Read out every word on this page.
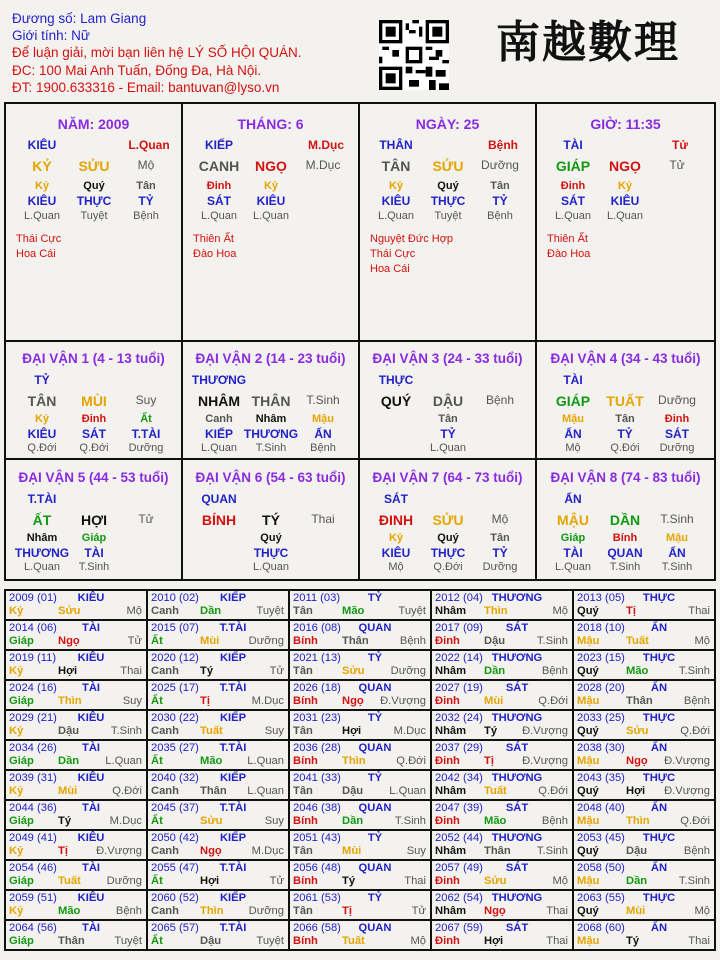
Đương số: Lam Giang
Giới tính: Nữ
Để luận giải, mời bạn liên hệ LÝ SỐ HỘI QUÁN.
ĐC: 100 Mai Anh Tuấn, Đống Đa, Hà Nội.
ĐT: 1900.633316 - Email: bantuvan@lyso.vn
南越數理
NĂM: 2009
KIÊU	L.Quan
KỶ	SỬU	Mộ
Kỷ
KIÊU
L.Quan
Quý
THỰC
Tuyệt
Tân
TỶ
Bệnh
Thái Cực
Hoa Cái
THÁNG: 6
KIẾP	M.Dục
CANH	NGỌ	M.Dục
Đinh
SÁT
L.Quan
Kỷ
KIÊU
L.Quan
Thiên Ất
Đào Hoa
NGÀY: 25
THÂN	Bệnh
TÂN	SỬU	Dưỡng
Kỷ
KIÊU
L.Quan
Quý
THỰC
Tuyệt
Tân
TỶ
Bệnh
Nguyệt Đức Hợp
Thái Cực
Hoa Cái
GIỜ: 11:35
TÀI	Tử
GIÁP	NGỌ	Tử
Đinh
SÁT
L.Quan
Kỷ
KIÊU
L.Quan
Thiên Ất
Đào Hoa
ĐẠI VẬN 1 (4 - 13 tuổi)
TỶ
TÂN	MÙI	Suy
Kỷ
KIÊU
Q.Đới
Đinh
SÁT
Q.Đới
Ất
T.TÀI
Dưỡng
ĐẠI VẬN 2 (14 - 23 tuổi)
THƯƠNG
NHÂM THÂN	T.Sinh
Canh
KIẾP
L.Quan
Nhâm
THƯƠNG
T.Sinh
Mậu
ẤN
Bệnh
ĐẠI VẬN 3 (24 - 33 tuổi)
THỰC
QUÝ	DẬU	Bệnh
Tân
TỶ
L.Quan
ĐẠI VẬN 4 (34 - 43 tuổi)
TÀI
GIÁP	TUẤT	Dưỡng
Mậu
ẤN
Mộ
Tân
TỶ
Q.Đới
Đinh
SÁT
Dưỡng
ĐẠI VẬN 5 (44 - 53 tuổi)
T.TÀI
ẤT	HỢI	Tử
Nhâm
THƯƠNG
L.Quan
Giáp
TÀI
T.Sinh
ĐẠI VẬN 6 (54 - 63 tuổi)
QUAN
BÍNH	TÝ	Thai
Quý
THỰC
L.Quan
ĐẠI VẬN 7 (64 - 73 tuổi)
SÁT
ĐINH	SỬU	Mộ
Kỷ
KIÊU
Mộ
Quý
THỰC
Q.Đới
Tân
TỶ
Dưỡng
ĐẠI VẬN 8 (74 - 83 tuổi)
ẤN
MẬU	DẦN	T.Sinh
Giáp
TÀI
L.Quan
Bính
QUAN
T.Sinh
Mậu
ẤN
T.Sinh
2009 (01)	KIÊU
Kỷ	Sửu	Mộ
2010 (02)	KIẾP
Canh Dần	Tuyệt
2011 (03)	TỶ
Tân	Mão	Tuyệt
2012 (04) THƯƠNG
Nhâm Thìn	Mộ
2013 (05)	THỰC
Quý Tị	Thai
2014 (06)	TÀI
Giáp Ngọ	Tử
2015 (07)	T.TÀI
Ất	Mùi	Dưỡng
2016 (08)	QUAN
Bính Thân	Bệnh
2017 (09)	SÁT
Đinh Dậu	T.Sinh
2018 (10)	ẤN
Mậu Tuất	Mộ
2019 (11)	KIÊU
Kỷ	Hợi	Thai
2020 (12)	KIẾP
Canh Tý	Tử
2021 (13)	TỶ
Tân	Sửu Dưỡng
2022 (14) THƯƠNG
Nhâm Dần	Bệnh
2023 (15)	THỰC
Quý Mão	T.Sinh
2024 (16)	TÀI
Giáp Thìn	Suy
2025 (17)	T.TÀI
Ất	Tị	M.Dục
2026 (18)	QUAN
Bính Ngọ Đ.Vượng
2027 (19)	SÁT
Đinh Mùi	Q.Đới
2028 (20)	ẤN
Mậu Thân	Bệnh
2029 (21)	KIÊU
Kỷ	Dậu	T.Sinh
2030 (22)	KIẾP
Canh Tuất	Suy
2031 (23)	TỶ
Tân	Hợi	M.Dục
2032 (24) THƯƠNG
Nhâm Tý Đ.Vượng
2033 (25)	THỰC
Quý Sửu	Q.Đới
2034 (26)	TÀI
Giáp Dần L.Quan
2035 (27)	T.TÀI
Ất	Mão L.Quan
2036 (28)	QUAN
Bính Thìn	Q.Đới
2037 (29)	SÁT
Đinh Tị	Đ.Vượng
2038 (30)	ẤN
Mậu Ngọ Đ.Vượng
2039 (31)	KIÊU
Kỷ	Mùi	Q.Đới
2040 (32)	KIẾP
Canh Thân L.Quan
2041 (33)	TỶ
Tân	Dậu L.Quan
2042 (34) THƯƠNG
Nhâm Tuất	Q.Đới
2043 (35)	THỰC
Quý Hợi Đ.Vượng
2044 (36)	TÀI
Giáp Tý	M.Dục
2045 (37)	T.TÀI
Ất	Sửu	Suy
2046 (38)	QUAN
Bính Dần	T.Sinh
2047 (39)	SÁT
Đinh Mão	Bệnh
2048 (40)	ẤN
Mậu Thìn	Q.Đới
2049 (41)	KIÊU
Kỷ	Tị	Đ.Vượng
2050 (42)	KIẾP
Canh Ngọ	M.Dục
2051 (43)	TỶ
Tân	Mùi	Suy
2052 (44) THƯƠNG
Nhâm Thân T.Sinh
2053 (45)	THỰC
Quý Dậu	Bệnh
2054 (46)	TÀI
Giáp Tuất Dưỡng
2055 (47)	T.TÀI
Ất	Hợi	Tử
2056 (48)	QUAN
Bính Tý	Thai
2057 (49)	SÁT
Đinh Sửu	Mộ
2058 (50)	ẤN
Mậu Dần	T.Sinh
2059 (51)	KIÊU
Kỷ	Mão	Bệnh
2060 (52)	KIẾP
Canh Thìn Dưỡng
2061 (53)	TỶ
Tân	Tị	Tử
2062 (54) THƯƠNG
Nhâm Ngọ	Thai
2063 (55)	THỰC
Quý Mùi	Mộ
2064 (56)	TÀI
Giáp Thân	Tuyệt
2065 (57)	T.TÀI
Ất	Dậu	Tuyệt
2066 (58)	QUAN
Bính Tuất	Mộ
2067 (59)	SÁT
Đinh Hợi	Thai
2068 (60)	ẤN
Mậu Tý	Thai
